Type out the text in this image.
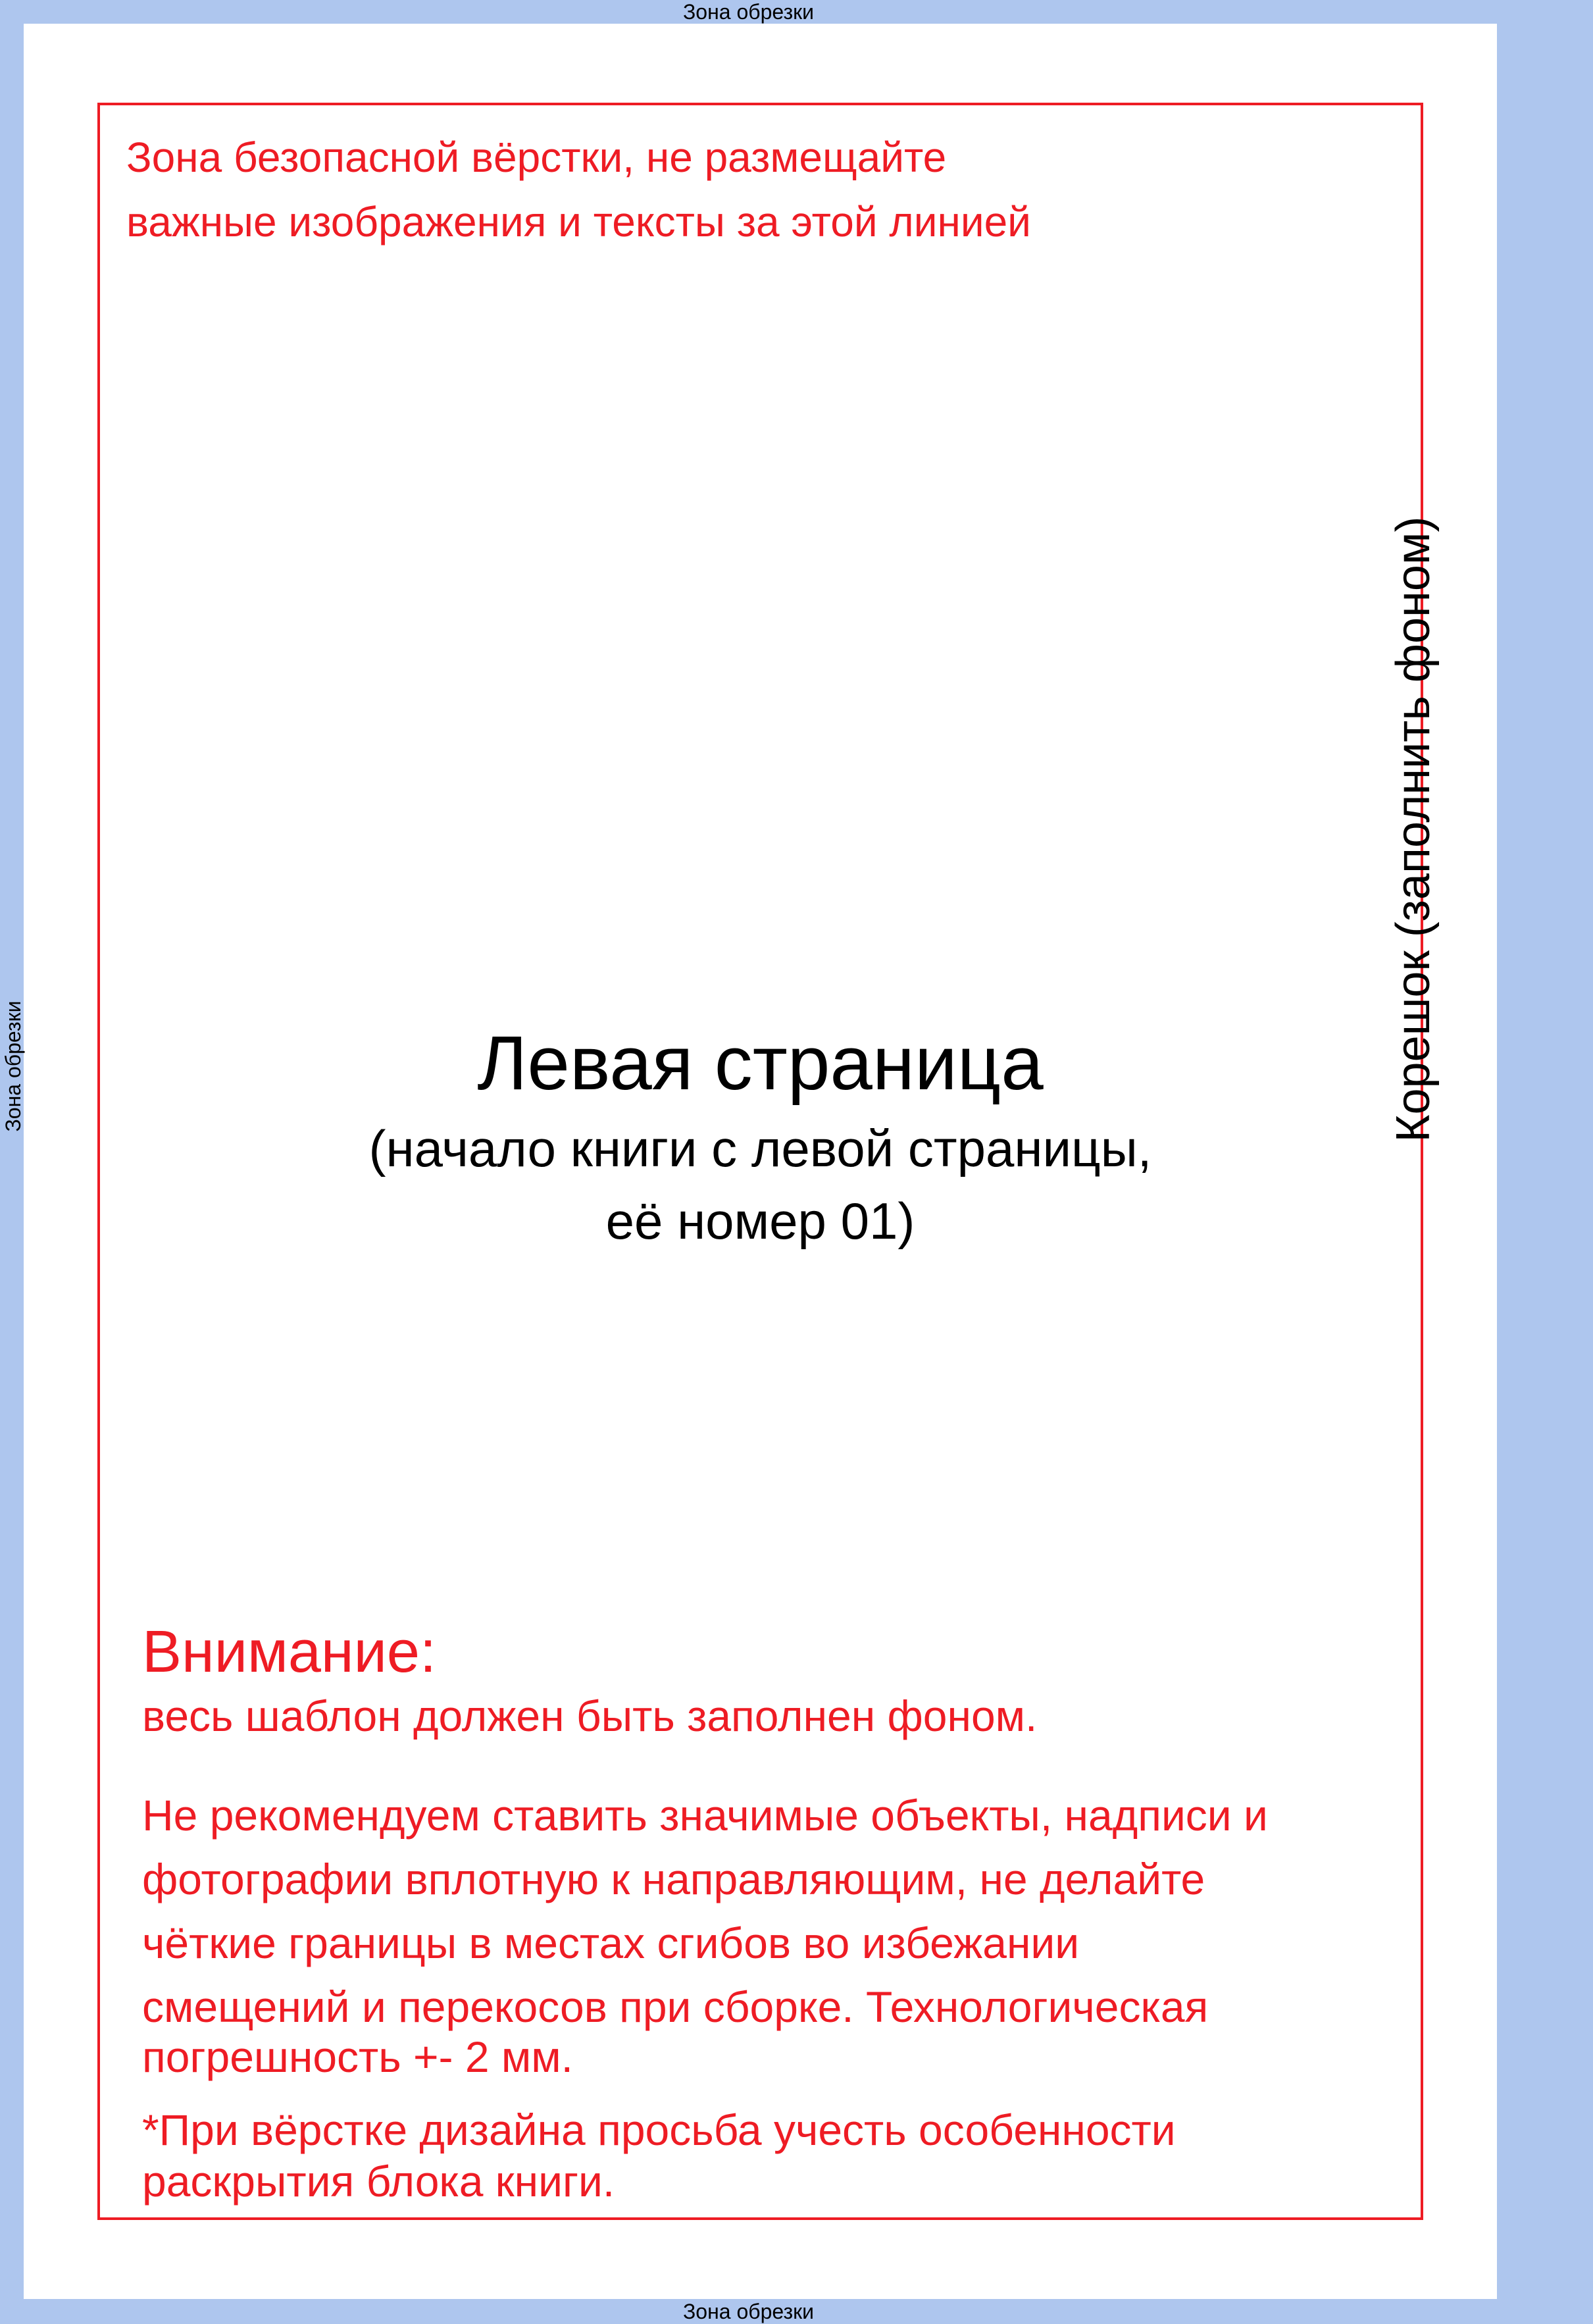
Зона обрезки
Зона безопасной вёрстки, не размещайте
важные изображения и тексты за этой линией
Левая страница
(начало книги с левой страницы,
её номер 01)
Внимание:
весь шаблон должен быть заполнен фоном.
Не рекомендуем ставить значимые объекты, надписи и
фотографии вплотную к направляющим, не делайте
чёткие границы в местах сгибов во избежании
смещений и перекосов при сборке. Технологическая
погрешность +- 2 мм.
*При вёрстке дизайна просьба учесть особенности
раскрытия блока книги.
Зона обрезки
Зона обрезки	Корешок (заполнить фоном)
